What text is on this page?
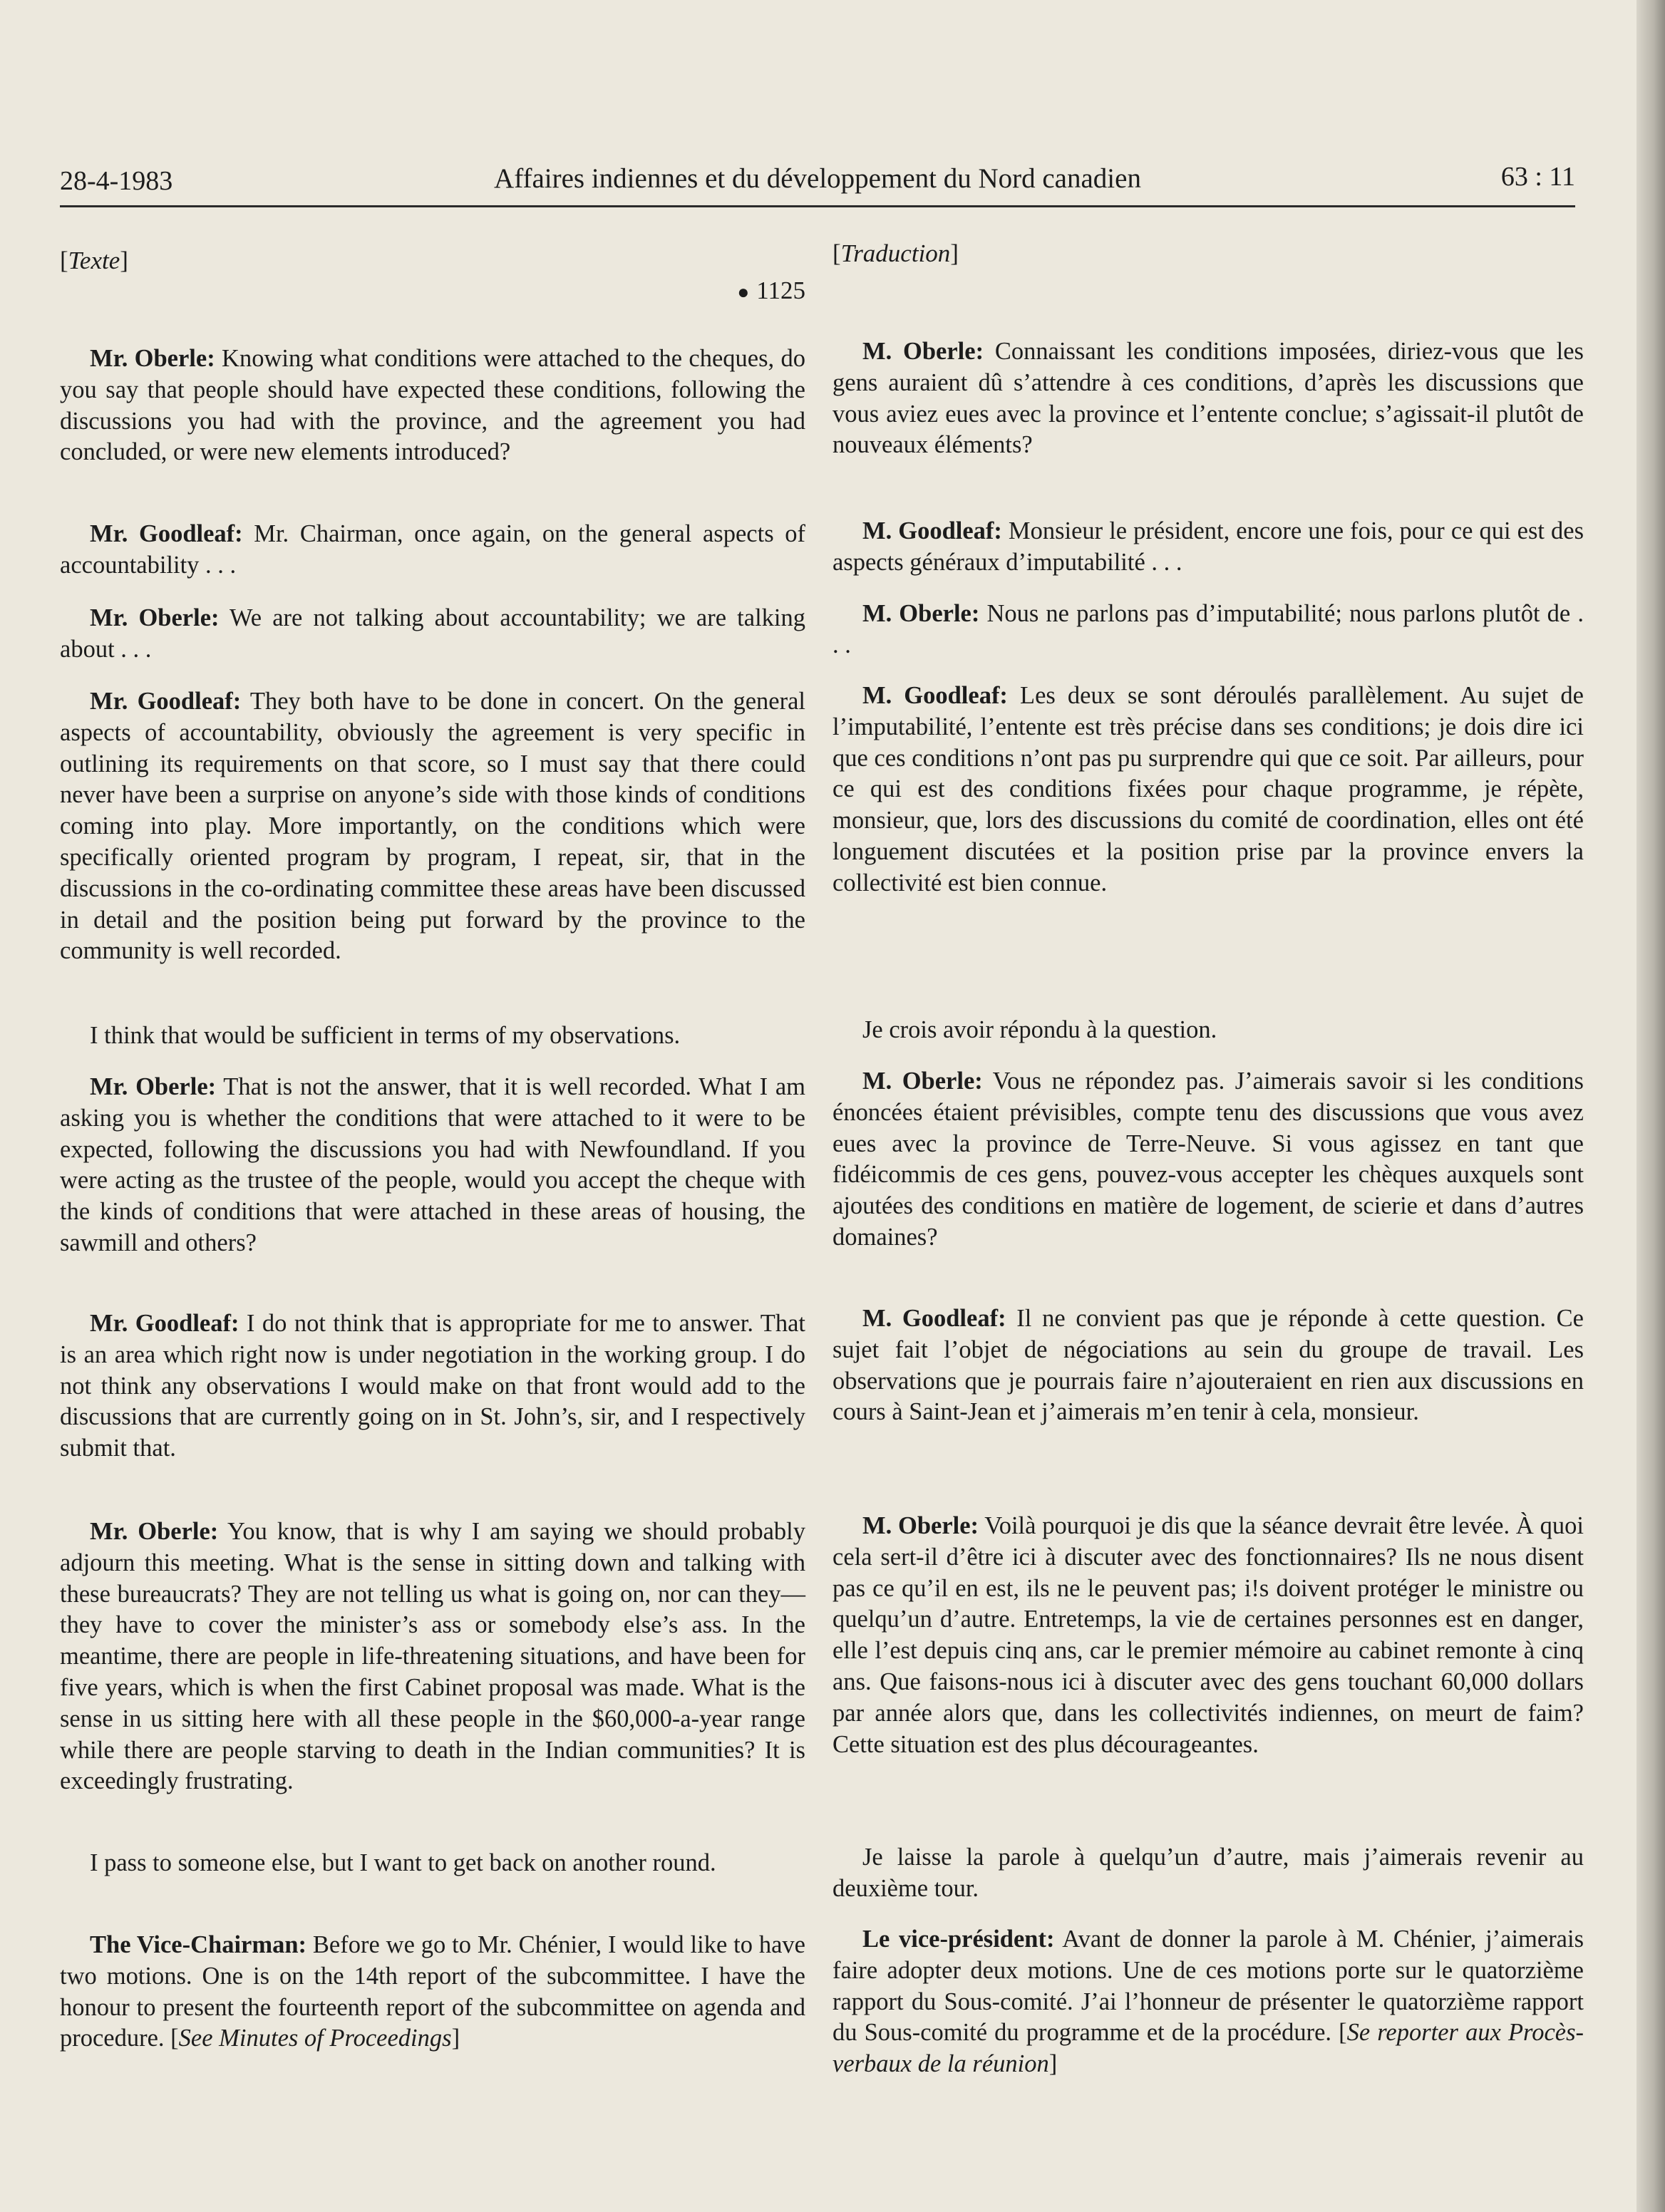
28-4-1983	Affaires indiennes et du développement du Nord canadien	63 : 11
[Texte]
● 1125

Mr. Oberle: Knowing what conditions were attached to the cheques, do you say that people should have expected these conditions, following the discussions you had with the province, and the agreement you had concluded, or were new elements introduced?

Mr. Goodleaf: Mr. Chairman, once again, on the general aspects of accountability . . .

Mr. Oberle: We are not talking about accountability; we are talking about . . .

Mr. Goodleaf: They both have to be done in concert. On the general aspects of accountability, obviously the agreement is very specific in outlining its requirements on that score, so I must say that there could never have been a surprise on anyone’s side with those kinds of conditions coming into play. More importantly, on the conditions which were specifically oriented program by program, I repeat, sir, that in the discussions in the co-ordinating committee these areas have been discussed in detail and the position being put forward by the province to the community is well recorded.

I think that would be sufficient in terms of my observations.

Mr. Oberle: That is not the answer, that it is well recorded. What I am asking you is whether the conditions that were attached to it were to be expected, following the discussions you had with Newfoundland. If you were acting as the trustee of the people, would you accept the cheque with the kinds of conditions that were attached in these areas of housing, the sawmill and others?

Mr. Goodleaf: I do not think that is appropriate for me to answer. That is an area which right now is under negotiation in the working group. I do not think any observations I would make on that front would add to the discussions that are currently going on in St. John’s, sir, and I respectively submit that.

Mr. Oberle: You know, that is why I am saying we should probably adjourn this meeting. What is the sense in sitting down and talking with these bureaucrats? They are not telling us what is going on, nor can they—they have to cover the minister’s ass or somebody else’s ass. In the meantime, there are people in life-threatening situations, and have been for five years, which is when the first Cabinet proposal was made. What is the sense in us sitting here with all these people in the $60,000-a-year range while there are people starving to death in the Indian communities? It is exceedingly frustrating.

I pass to someone else, but I want to get back on another round.

The Vice-Chairman: Before we go to Mr. Chénier, I would like to have two motions. One is on the 14th report of the subcommittee. I have the honour to present the fourteenth report of the subcommittee on agenda and procedure. [See Minutes of Proceedings]

[Traduction]

M. Oberle: Connaissant les conditions imposées, diriez-vous que les gens auraient dû s’attendre à ces conditions, d’après les discussions que vous aviez eues avec la province et l’entente conclue; s’agissait-il plutôt de nouveaux éléments?

M. Goodleaf: Monsieur le président, encore une fois, pour ce qui est des aspects généraux d’imputabilité . . .

M. Oberle: Nous ne parlons pas d’imputabilité; nous parlons plutôt de . . .

M. Goodleaf: Les deux se sont déroulés parallèlement. Au sujet de l’imputabilité, l’entente est très précise dans ses conditions; je dois dire ici que ces conditions n’ont pas pu surprendre qui que ce soit. Par ailleurs, pour ce qui est des conditions fixées pour chaque programme, je répète, monsieur, que, lors des discussions du comité de coordination, elles ont été longuement discutées et la position prise par la province envers la collectivité est bien connue.

Je crois avoir répondu à la question.

M. Oberle: Vous ne répondez pas. J’aimerais savoir si les conditions énoncées étaient prévisibles, compte tenu des discussions que vous avez eues avec la province de Terre-Neuve. Si vous agissez en tant que fidéicommis de ces gens, pouvez-vous accepter les chèques auxquels sont ajoutées des conditions en matière de logement, de scierie et dans d’autres domaines?

M. Goodleaf: Il ne convient pas que je réponde à cette question. Ce sujet fait l’objet de négociations au sein du groupe de travail. Les observations que je pourrais faire n’ajouteraient en rien aux discussions en cours à Saint-Jean et j’aimerais m’en tenir à cela, monsieur.

M. Oberle: Voilà pourquoi je dis que la séance devrait être levée. À quoi cela sert-il d’être ici à discuter avec des fonctionnaires? Ils ne nous disent pas ce qu’il en est, ils ne le peuvent pas; i!s doivent protéger le ministre ou quelqu’un d’autre. Entretemps, la vie de certaines personnes est en danger, elle l’est depuis cinq ans, car le premier mémoire au cabinet remonte à cinq ans. Que faisons-nous ici à discuter avec des gens touchant 60,000 dollars par année alors que, dans les collectivités indiennes, on meurt de faim? Cette situation est des plus décourageantes.

Je laisse la parole à quelqu’un d’autre, mais j’aimerais revenir au deuxième tour.

Le vice-président: Avant de donner la parole à M. Chénier, j’aimerais faire adopter deux motions. Une de ces motions porte sur le quatorzième rapport du Sous-comité. J’ai l’honneur de présenter le quatorzième rapport du Sous-comité du programme et de la procédure. [Se reporter aux Procès-verbaux de la réunion]
